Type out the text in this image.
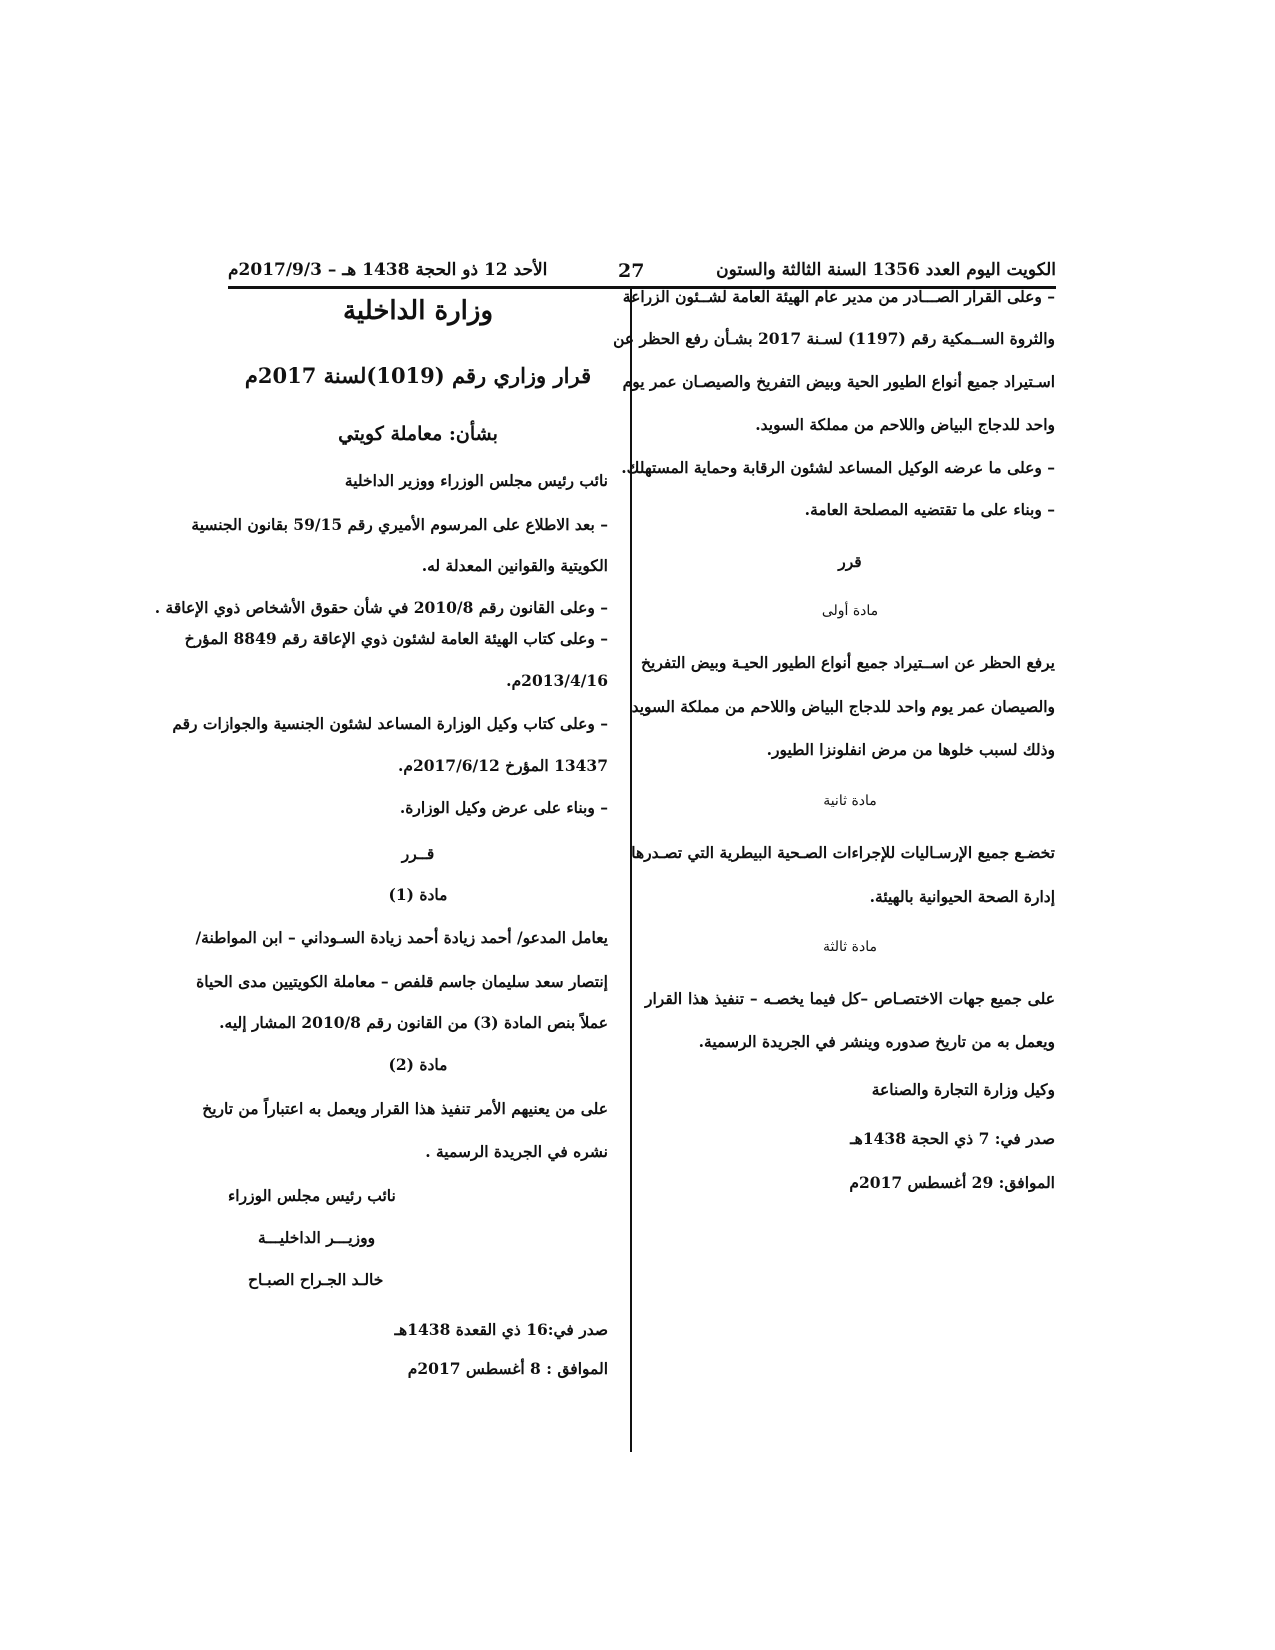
الكويت اليوم العدد 1356 السنة الثالثة والستون
27
الأحد 12 ذو الحجة 1438 هـ – 2017/9/3م
– وعلى القرار الصـــادر من مدير عام الهيئة العامة لشــئون الزراعة
والثروة الســمكية رقم (1197) لسـنة 2017 بشـأن رفع الحظر عن
اسـتيراد جميع أنواع الطيور الحية وبيض التفريخ والصيصـان عمر يوم
واحد للدجاج البياض واللاحم من مملكة السويد.
– وعلى ما عرضه الوكيل المساعد لشئون الرقابة وحماية المستهلك.
– وبناء على ما تقتضيه المصلحة العامة.
قرر
مادة أولى
يرفع الحظر عن اســتيراد جميع أنواع الطيور الحيـة وبيض التفريخ
والصيصان عمر يوم واحد للدجاج البياض واللاحم من مملكة السويد
وذلك لسبب خلوها من مرض انفلونزا الطيور.
مادة ثانية
تخضـع جميع الإرسـاليات للإجراءات الصـحية البيطرية التي تصـدرها
إدارة الصحة الحيوانية بالهيئة.
مادة ثالثة
على جميع جهات الاختصـاص –كل فيما يخصـه – تنفيذ هذا القرار
ويعمل به من تاريخ صدوره وينشر في الجريدة الرسمية.
وكيل وزارة التجارة والصناعة
صدر في: 7 ذي الحجة 1438هـ
الموافق: 29 أغسطس 2017م
وزارة الداخلية
قرار وزاري رقم (1019)لسنة 2017م
بشأن: معاملة كويتي
نائب رئيس مجلس الوزراء ووزير الداخلية
– بعد الاطلاع على المرسوم الأميري رقم 59/15 بقانون الجنسية
الكويتية والقوانين المعدلة له.
– وعلى القانون رقم 2010/8 في شأن حقوق الأشخاص ذوي الإعاقة .
– وعلى كتاب الهيئة العامة لشئون ذوي الإعاقة رقم 8849 المؤرخ
2013/4/16م.
– وعلى كتاب وكيل الوزارة المساعد لشئون الجنسية والجوازات رقم
13437 المؤرخ 2017/6/12م.
– وبناء على عرض وكيل الوزارة.
قــرر
مادة (1)
يعامل المدعو/ أحمد زيادة أحمد زيادة السـوداني – ابن المواطنة/
إنتصار سعد سليمان جاسم قلفص – معاملة الكويتيين مدى الحياة
عملاً بنص المادة (3) من القانون رقم 2010/8 المشار إليه.
مادة (2)
على من يعنيهم الأمر تنفيذ هذا القرار ويعمل به اعتباراً من تاريخ
نشره في الجريدة الرسمية .
نائب رئيس مجلس الوزراء
ووزيـــر الداخليـــة
خالـد الجـراح الصبـاح
صدر في:16 ذي القعدة 1438هـ
الموافق : 8 أغسطس 2017م
